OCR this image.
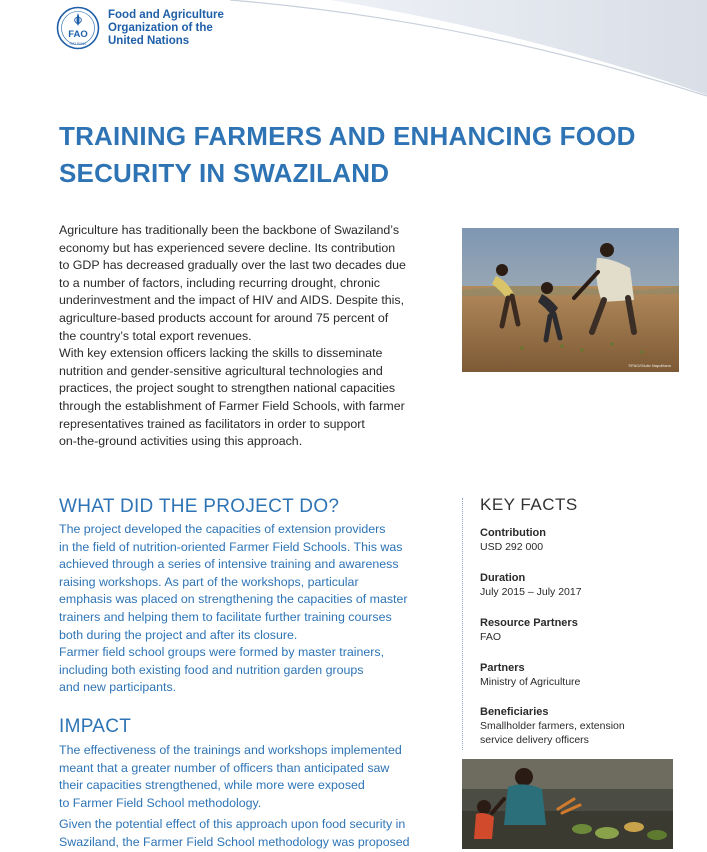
FAO
FIAT PANIS
Food and Agriculture
Organization of the
United Nations
TRAINING FARMERS AND ENHANCING FOOD
SECURITY IN SWAZILAND

Agriculture has traditionally been the backbone of Swaziland’s
economy but has experienced severe decline. Its contribution
to GDP has decreased gradually over the last two decades due
to a number of factors, including recurring drought, chronic
underinvestment and the impact of HIV and AIDS. Despite this,
agriculture-based products account for around 75 percent of
the country’s total export revenues.

With key extension officers lacking the skills to disseminate
nutrition and gender-sensitive agricultural technologies and
practices, the project sought to strengthen national capacities
through the establishment of Farmer Field Schools, with farmer
representatives trained as facilitators in order to support
on-the-ground activities using this approach.

©FAO/Giulio Napolitano
WHAT DID THE PROJECT DO?

The project developed the capacities of extension providers
in the field of nutrition-oriented Farmer Field Schools. This was
achieved through a series of intensive training and awareness
raising workshops. As part of the workshops, particular
emphasis was placed on strengthening the capacities of master
trainers and helping them to facilitate further training courses
both during the project and after its closure.

Farmer field school groups were formed by master trainers,
including both existing food and nutrition garden groups
and new participants.

IMPACT

The effectiveness of the trainings and workshops implemented
meant that a greater number of officers than anticipated saw
their capacities strengthened, while more were exposed
to Farmer Field School methodology.

Given the potential effect of this approach upon food security in
Swaziland, the Farmer Field School methodology was proposed

KEY FACTS
Contribution
USD 292 000
Duration
July 2015 – July 2017
Resource Partners
FAO
Partners
Ministry of Agriculture
Beneficiaries
Smallholder farmers, extension
service delivery officers
